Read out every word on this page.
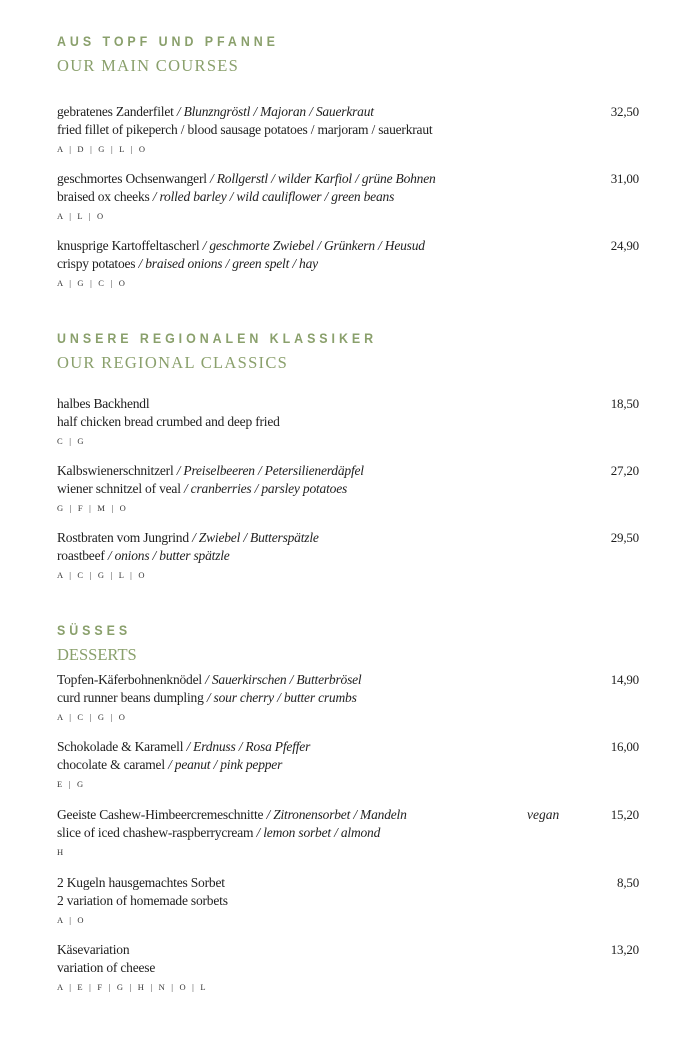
AUS TOPF UND PFANNE
OUR MAIN COURSES
gebratenes Zanderfilet / Blunzngröstl / Majoran / Sauerkraut
fried fillet of pikeperch / blood sausage potatoes / marjoram / sauerkraut
A | D | G | L | O
32,50
geschmortes Ochsenwangerl / Rollgerstl / wilder Karfiol / grüne Bohnen
braised ox cheeks / rolled barley / wild cauliflower / green beans
A | L | O
31,00
knusprige Kartoffeltascherl / geschmorte Zwiebel / Grünkern / Heusud
crispy potatoes / braised onions / green spelt / hay
A | G | C | O
24,90
UNSERE REGIONALEN KLASSIKER
OUR REGIONAL CLASSICS
halbes Backhendl
half chicken bread crumbed and deep fried
C | G
18,50
Kalbswienerschnitzerl / Preiselbeeren / Petersilienerdäpfel
wiener schnitzel of veal / cranberries / parsley potatoes
G | F | M | O
27,20
Rostbraten vom Jungrind / Zwiebel / Butterspätzle
roastbeef / onions / butter spätzle
A | C | G | L | O
29,50
SÜSSES
DESSERTS
Topfen-Käferbohnenknödel / Sauerkirschen / Butterbrösel
curd runner beans dumpling / sour cherry / butter crumbs
A | C | G | O
14,90
Schokolade & Karamell / Erdnuss / Rosa Pfeffer
chocolate & caramel / peanut / pink pepper
E | G
16,00
Geeiste Cashew-Himbeercremeschnitte / Zitronensorbet / Mandeln
slice of iced chashew-raspberrycream / lemon sorbet / almond
H
vegan	15,20
2 Kugeln hausgemachtes Sorbet
2 variation of homemade sorbets
A | O
8,50
Käsevariation
variation of cheese
A | E | F | G | H | N | O | L
13,20
